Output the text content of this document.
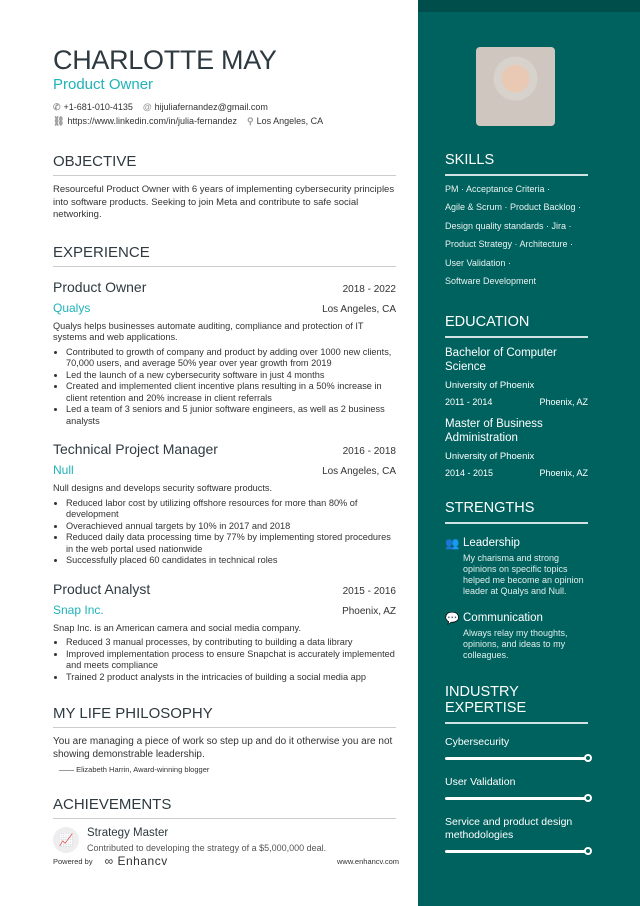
CHARLOTTE MAY
Product Owner
✆ +1-681-010-4135 @ hijuliafernandez@gmail.com
⛓ https://www.linkedin.com/in/julia-fernandez ⚲ Los Angeles, CA
OBJECTIVE

Resourceful Product Owner with 6 years of implementing cybersecurity principles into software products. Seeking to join Meta and contribute to safe social networking.

EXPERIENCE
Product Owner	2018 - 2022
Qualys	Los Angeles, CA

Qualys helps businesses automate auditing, compliance and protection of IT systems and web applications.

• Contributed to growth of company and product by adding over 1000 new clients, 70,000 users, and average 50% year over year growth from 2019
• Led the launch of a new cybersecurity software in just 4 months
• Created and implemented client incentive plans resulting in a 50% increase in client retention and 20% increase in client referrals
• Led a team of 3 seniors and 5 junior software engineers, as well as 2 business analysts
Technical Project Manager	2016 - 2018
Null	Los Angeles, CA

Null designs and develops security software products.

• Reduced labor cost by utilizing offshore resources for more than 80% of development
• Overachieved annual targets by 10% in 2017 and 2018
• Reduced daily data processing time by 77% by implementing stored procedures in the web portal used nationwide
• Successfully placed 60 candidates in technical roles
Product Analyst	2015 - 2016
Snap Inc.	Phoenix, AZ

Snap Inc. is an American camera and social media company.

• Reduced 3 manual processes, by contributing to building a data library
• Improved implementation process to ensure Snapchat is accurately implemented and meets compliance
• Trained 2 product analysts in the intricacies of building a social media app
MY LIFE PHILOSOPHY

You are managing a piece of work so step up and do it otherwise you are not showing demonstrable leadership.

—— Elizabeth Harrin, Award-winning blogger
ACHIEVEMENTS
📈	Strategy Master
Contributed to developing the strategy of a $5,000,000 deal.
Powered by ∞ Enhancv	www.enhancv.com
SKILLS
PM · Acceptance Criteria ·
Agile & Scrum · Product Backlog ·
Design quality standards · Jira ·
Product Strategy · Architecture ·
User Validation ·
Software Development
EDUCATION
Bachelor of Computer Science
University of Phoenix
2011 - 2014	Phoenix, AZ
Master of Business Administration
University of Phoenix
2014 - 2015	Phoenix, AZ
STRENGTHS
👥 Leadership
My charisma and strong opinions on specific topics helped me become an opinion leader at Qualys and Null.
💬 Communication
Always relay my thoughts, opinions, and ideas to my colleagues.
INDUSTRY EXPERTISE
Cybersecurity
User Validation
Service and product design methodologies
